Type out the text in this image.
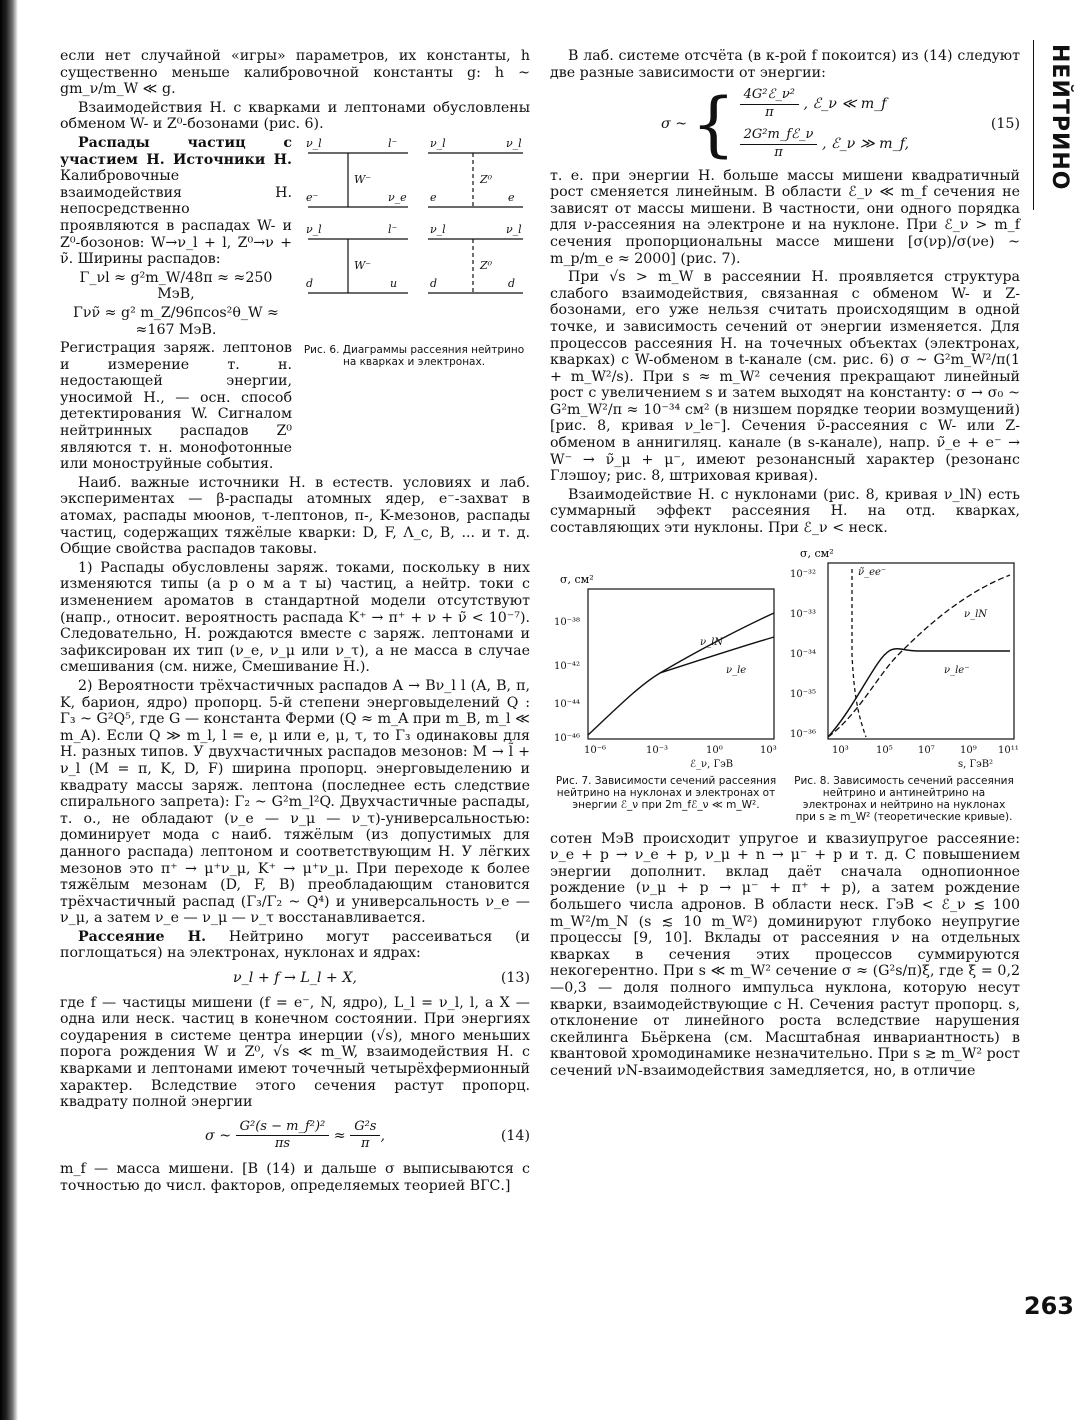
НЕЙТРИНО
263

если нет случайной «игры» параметров, их константы, h существенно меньше калибровочной константы g: h ~ gm_ν/m_W ≪ g.

Взаимодействия Н. с кварками и лептонами обусловлены обменом W- и Z⁰-бозонами (рис. 6).

Распады частиц с участием Н. Источники Н. Калибровочные взаимодействия Н. непосредственно проявляются в распадах W- и Z⁰-бозонов: W→ν_l + l, Z⁰→ν + ν̃. Ширины распадов:

Γ_νl ≈ g²m_W/48π ≈ ≈250 МэВ,

Γνν̃ ≈ g² m_Z/96πcos²θ_W ≈ ≈167 МэВ.

ν_l	l⁻
e⁻	ν_e
W⁻
ν_l	ν_l
e	e
Z⁰
ν_l	l⁻
d	u
W⁻
ν_l	ν_l
d	d
Z⁰

Регистрация заряж. лептонов и измерение т. н. недостающей энергии, уносимой Н., — осн. способ детектирования W. Сигналом нейтринных распадов Z⁰ являются т. н. монофотонные или моноструйные события.

Рис. 6. Диаграммы рассеяния нейтрино на кварках и электронах.

Наиб. важные источники Н. в естеств. условиях и лаб. экспериментах — β-распады атомных ядер, e⁻-захват в атомах, распады мюонов, τ-лептонов, π-, K-мезонов, распады частиц, содержащих тяжёлые кварки: D, F, Λ_c, B, ... и т. д. Общие свойства распадов таковы.

1) Распады обусловлены заряж. токами, поскольку в них изменяются типы (а р о м а т ы) частиц, а нейтр. токи с изменением ароматов в стандартной модели отсутствуют (напр., относит. вероятность распада K⁺ → π⁺ + ν + ν̃ < 10⁻⁷). Следовательно, Н. рождаются вместе с заряж. лептонами и зафиксирован их тип (ν_e, ν_μ или ν_τ), а не масса в случае смешивания (см. ниже, Смешивание Н.).

2) Вероятности трёхчастичных распадов A → Bν_l l (A, B, π, K, барион, ядро) пропорц. 5-й степени энерговыделений Q : Γ₃ ~ G²Q⁵, где G — константа Ферми (Q ≈ m_A при m_B, m_l ≪ m_A). Если Q ≫ m_l, l = e, μ или e, μ, τ, то Γ₃ одинаковы для Н. разных типов. У двухчастичных распадов мезонов: M → l̃ + ν_l (M = π, K, D, F) ширина пропорц. энерговыделению и квадрату массы заряж. лептона (последнее есть следствие спирального запрета): Γ₂ ~ G²m_l²Q. Двухчастичные распады, т. о., не обладают (ν_e — ν_μ — ν_τ)-универсальностью: доминирует мода с наиб. тяжёлым (из допустимых для данного распада) лептоном и соответствующим Н. У лёгких мезонов это π⁺ → μ⁺ν_μ, K⁺ → μ⁺ν_μ. При переходе к более тяжёлым мезонам (D, F, B) преобладающим становится трёхчастичный распад (Γ₃/Γ₂ ~ Q⁴) и универсальность ν_e — ν_μ, а затем ν_e — ν_μ — ν_τ восстанавливается.

Рассеяние Н. Нейтрино могут рассеиваться (и поглощаться) на электронах, нуклонах и ядрах:

ν_l + f → L_l + X,	(13)

где f — частицы мишени (f = e⁻, N, ядро), L_l = ν_l, l, а X — одна или неск. частиц в конечном состоянии. При энергиях соударения в системе центра инерции (√s), много меньших порога рождения W и Z⁰, √s ≪ m_W, взаимодействия Н. с кварками и лептонами имеют точечный четырёхфермионный характер. Вследствие этого сечения растут пропорц. квадрату полной энергии

σ ~
$\frac{\text{G²(s − m\_f²)²}}{\pi s}$
≈
$\frac{\text{G²s}}{\pi}$ ,	(14)

m_f — масса мишени. [В (14) и дальше σ выписываются с точностью до числ. факторов, определяемых теорией ВГС.]

В лаб. системе отсчёта (в к-рой f покоится) из (14) следуют две разные зависимости от энергии:

σ ~ { $\frac{\text{4G²ℰ\_ν²}}{\pi}$ , ℰ_ν ≪ m_f
$\frac{\text{2G²m\_fℰ\_ν}}{\pi}$ , ℰ_ν ≫ m_f,
(15)

т. е. при энергии Н. больше массы мишени квадратичный рост сменяется линейным. В области ℰ_ν ≪ m_f сечения не зависят от массы мишени. В частности, они одного порядка для ν-рассеяния на электроне и на нуклоне. При ℰ_ν > m_f сечения пропорциональны массе мишени [σ(νp)/σ(νe) ~ m_p/m_e ≈ 2000] (рис. 7).

При √s > m_W в рассеянии Н. проявляется структура слабого взаимодействия, связанная с обменом W- и Z-бозонами, его уже нельзя считать происходящим в одной точке, и зависимость сечений от энергии изменяется. Для процессов рассеяния Н. на точечных объектах (электронах, кварках) с W-обменом в t-канале (см. рис. 6) σ ~ G²m_W²/π(1 + m_W²/s). При s ≈ m_W² сечения прекращают линейный рост с увеличением s и затем выходят на константу: σ → σ₀ ~ G²m_W²/π ≈ 10⁻³⁴ см² (в низшем порядке теории возмущений) [рис. 8, кривая ν_le⁻]. Сечения ν̃-рассеяния с W- или Z-обменом в аннигиляц. канале (в s-канале), напр. ν̃_e + e⁻ → W⁻ → ν̃_μ + μ⁻, имеют резонансный характер (резонанс Глэшоу; рис. 8, штриховая кривая).

Взаимодействие Н. с нуклонами (рис. 8, кривая ν_lN) есть суммарный эффект рассеяния Н. на отд. кварках, составляющих эти нуклоны. При ℰ_ν < неск.

σ, см²
10⁻³⁸
10⁻⁴²
10⁻⁴⁴
10⁻⁴⁶
10⁻⁶	10⁻³	10⁰	10³
ℰ_ν, ГэВ
ν_lN
ν_le
Рис. 7. Зависимости сечений рассеяния нейтрино на нуклонах и электронах от энергии ℰ_ν при 2m_fℰ_ν ≪ m_W².
σ, см²
10⁻³²
10⁻³³
10⁻³⁴
10⁻³⁵
10⁻³⁶
10³	10⁵	10⁷	10⁹ 10¹¹
s, ГэВ²
ν_lN
ν̃_ee⁻
ν_le⁻
Рис. 8. Зависимость сечений рассеяния нейтрино и антинейтрино на электронах и нейтрино на нуклонах при s ≳ m_W² (теоретические кривые).

сотен МэВ происходит упругое и квазиупругое рассеяние: ν_e + p → ν_e + p, ν_μ + n → μ⁻ + p и т. д. С повышением энергии дополнит. вклад даёт сначала однопионное рождение (ν_μ + p → μ⁻ + π⁺ + p), а затем рождение большего числа адронов. В области неск. ГэВ < ℰ_ν ≲ 100 m_W²/m_N (s ≲ 10 m_W²) доминируют глубоко неупругие процессы [9, 10]. Вклады от рассеяния ν на отдельных кварках в сечения этих процессов суммируются некогерентно. При s ≪ m_W² сечение σ ≈ (G²s/π)ξ, где ξ = 0,2—0,3 — доля полного импульса нуклона, которую несут кварки, взаимодействующие с Н. Сечения растут пропорц. s, отклонение от линейного роста вследствие нарушения скейлинга Бьёркена (см. Масштабная инвариантность) в квантовой хромодинамике незначительно. При s ≳ m_W² рост сечений νN-взаимодействия замедляется, но, в отличие
